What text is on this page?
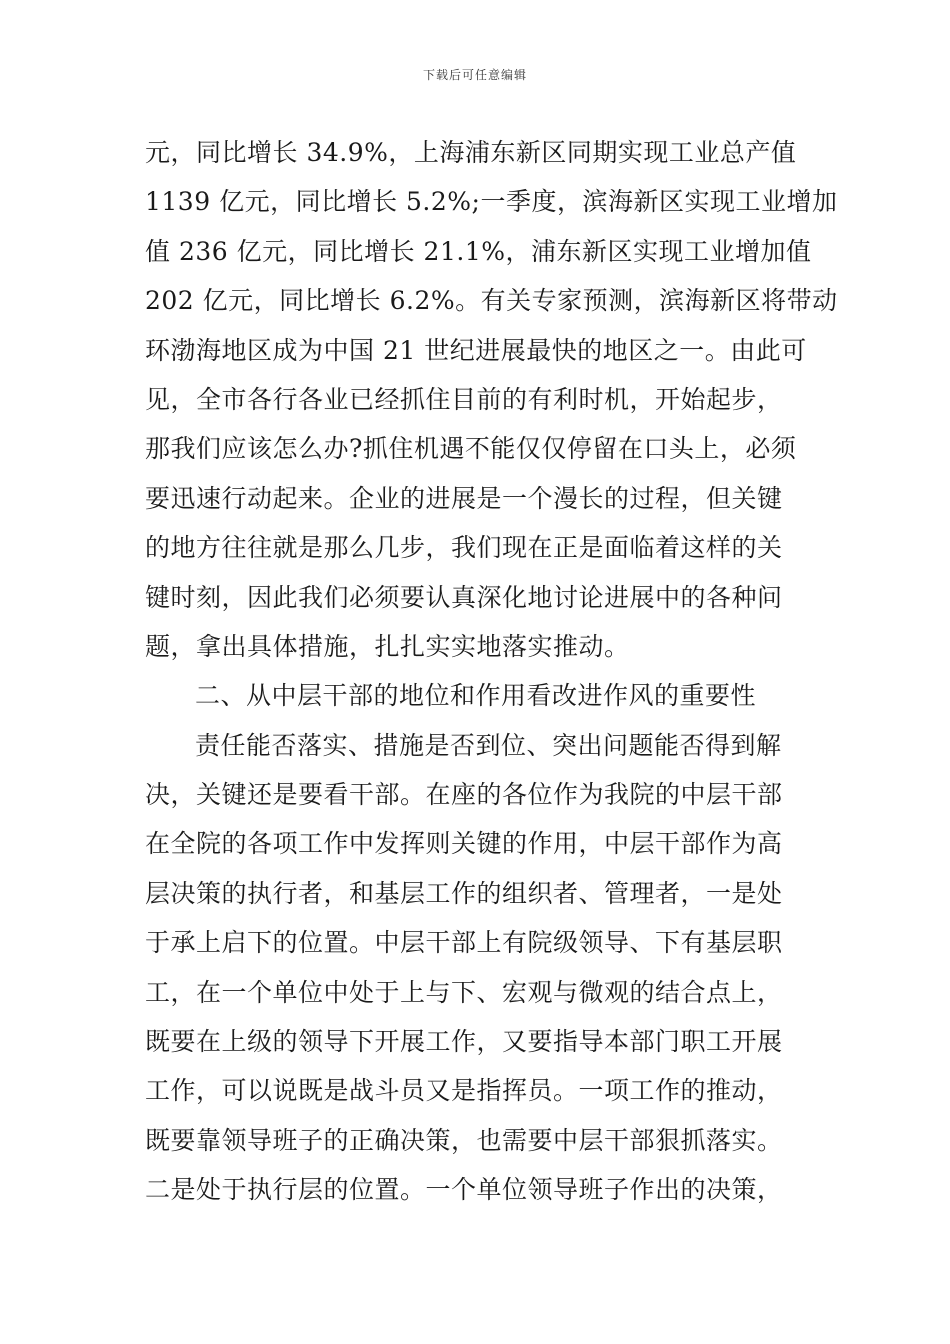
下载后可任意编辑
元，同比增长 34.9%，上海浦东新区同期实现工业总产值
1139 亿元，同比增长 5.2%;一季度，滨海新区实现工业增加
值 236 亿元，同比增长 21.1%，浦东新区实现工业增加值
202 亿元，同比增长 6.2%。有关专家预测，滨海新区将带动
环渤海地区成为中国 21 世纪进展最快的地区之一。由此可
见，全市各行各业已经抓住目前的有利时机，开始起步，
那我们应该怎么办?抓住机遇不能仅仅停留在口头上，必须
要迅速行动起来。企业的进展是一个漫长的过程，但关键
的地方往往就是那么几步，我们现在正是面临着这样的关
键时刻，因此我们必须要认真深化地讨论进展中的各种问
题，拿出具体措施，扎扎实实地落实推动。
二、从中层干部的地位和作用看改进作风的重要性
责任能否落实、措施是否到位、突出问题能否得到解
决，关键还是要看干部。在座的各位作为我院的中层干部
在全院的各项工作中发挥则关键的作用，中层干部作为高
层决策的执行者，和基层工作的组织者、管理者，一是处
于承上启下的位置。中层干部上有院级领导、下有基层职
工，在一个单位中处于上与下、宏观与微观的结合点上，
既要在上级的领导下开展工作，又要指导本部门职工开展
工作，可以说既是战斗员又是指挥员。一项工作的推动，
既要靠领导班子的正确决策，也需要中层干部狠抓落实。
二是处于执行层的位置。一个单位领导班子作出的决策，
